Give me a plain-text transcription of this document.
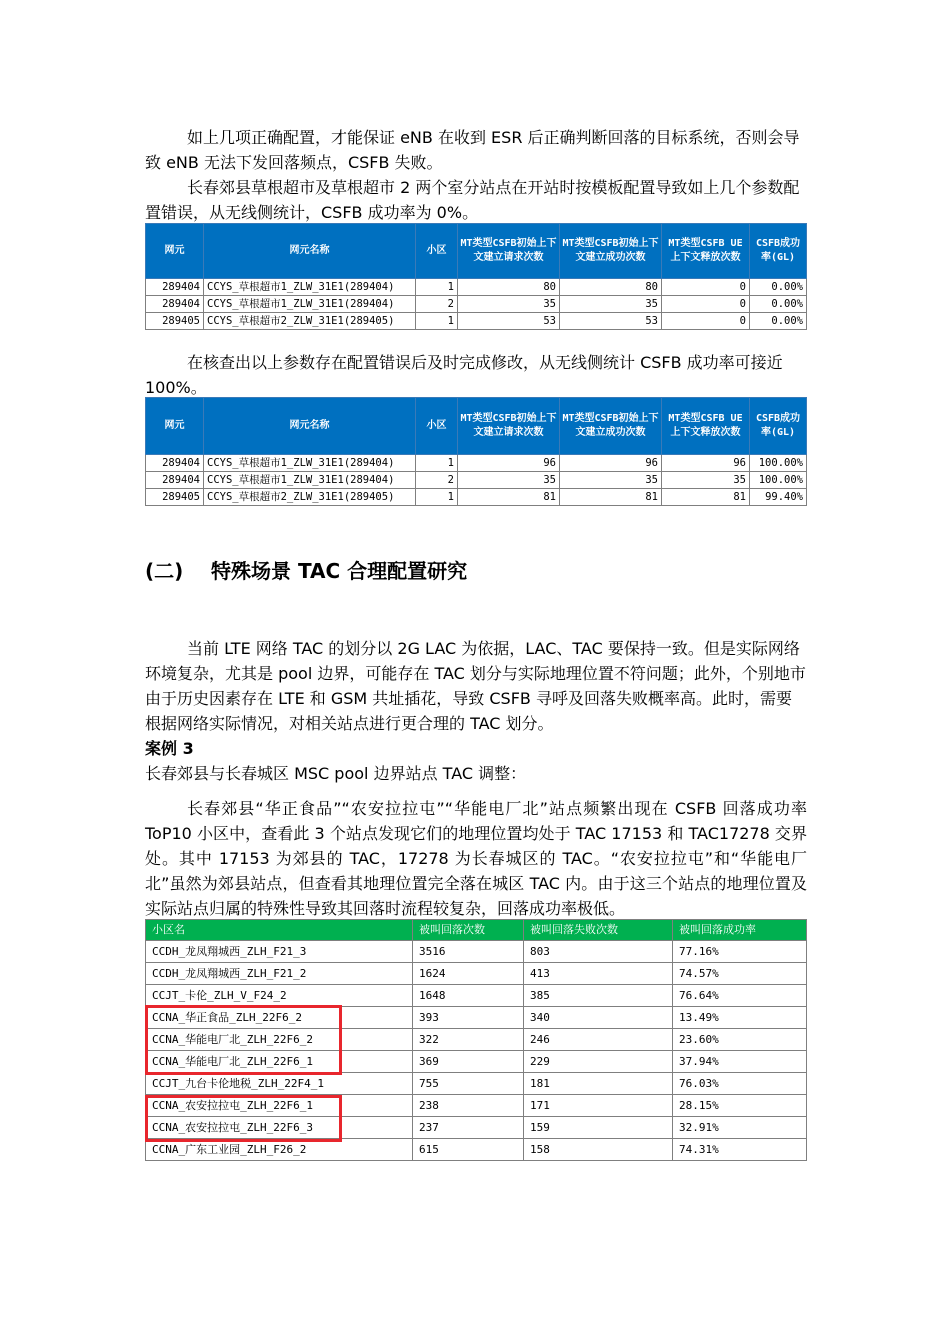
如上几项正确配置，才能保证 eNB 在收到 ESR 后正确判断回落的目标系统，否则会导致 eNB 无法下发回落频点，CSFB 失败。

长春郊县草根超市及草根超市 2 两个室分站点在开站时按模板配置导致如上几个参数配置错误，从无线侧统计，CSFB 成功率为 0%。

网元	网元名称	小区	MT类型CSFB初始上下文建立请求次数	MT类型CSFB初始上下文建立成功次数	MT类型CSFB UE上下文释放次数	CSFB成功率(GL)
289404	CCYS_草根超市1_ZLW_31E1(289404)	1	80	80	0	0.00%
289404	CCYS_草根超市1_ZLW_31E1(289404)	2	35	35	0	0.00%
289405	CCYS_草根超市2_ZLW_31E1(289405)	1	53	53	0	0.00%

在核查出以上参数存在配置错误后及时完成修改，从无线侧统计 CSFB 成功率可接近 100%。

网元	网元名称	小区	MT类型CSFB初始上下文建立请求次数	MT类型CSFB初始上下文建立成功次数	MT类型CSFB UE上下文释放次数	CSFB成功率(GL)
289404	CCYS_草根超市1_ZLW_31E1(289404)	1	96	96	96	100.00%
289404	CCYS_草根超市1_ZLW_31E1(289404)	2	35	35	35	100.00%
289405	CCYS_草根超市2_ZLW_31E1(289405)	1	81	81	81	99.40%
(二) 特殊场景 TAC 合理配置研究

当前 LTE 网络 TAC 的划分以 2G LAC 为依据，LAC、TAC 要保持一致。但是实际网络环境复杂，尤其是 pool 边界，可能存在 TAC 划分与实际地理位置不符问题；此外，个别地市由于历史因素存在 LTE 和 GSM 共址插花，导致 CSFB 寻呼及回落失败概率高。此时，需要根据网络实际情况，对相关站点进行更合理的 TAC 划分。

案例 3

长春郊县与长春城区 MSC pool 边界站点 TAC 调整：

长春郊县“华正食品”“农安拉拉屯”“华能电厂北”站点频繁出现在 CSFB 回落成功率 ToP10 小区中，查看此 3 个站点发现它们的地理位置均处于 TAC 17153 和 TAC17278 交界处。其中 17153 为郊县的 TAC，17278 为长春城区的 TAC。“农安拉拉屯”和“华能电厂北”虽然为郊县站点，但查看其地理位置完全落在城区 TAC 内。由于这三个站点的地理位置及实际站点归属的特殊性导致其回落时流程较复杂，回落成功率极低。

小区名	被叫回落次数	被叫回落失败次数	被叫回落成功率
CCDH_龙凤翔城西_ZLH_F21_3	3516	803	77.16%
CCDH_龙凤翔城西_ZLH_F21_2	1624	413	74.57%
CCJT_卡伦_ZLH_V_F24_2	1648	385	76.64%
CCNA_华正食品_ZLH_22F6_2	393	340	13.49%
CCNA_华能电厂北_ZLH_22F6_2	322	246	23.60%
CCNA_华能电厂北_ZLH_22F6_1	369	229	37.94%
CCJT_九台卡伦地税_ZLH_22F4_1	755	181	76.03%
CCNA_农安拉拉屯_ZLH_22F6_1	238	171	28.15%
CCNA_农安拉拉屯_ZLH_22F6_3	237	159	32.91%
CCNA_广东工业园_ZLH_F26_2	615	158	74.31%
